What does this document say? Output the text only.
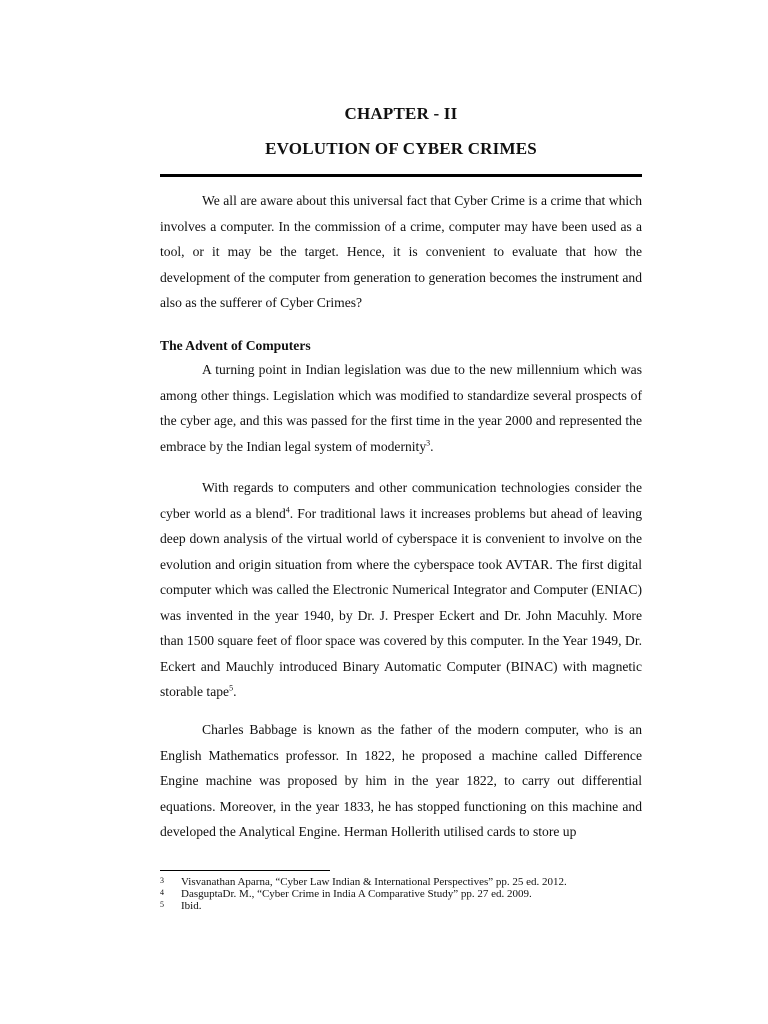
CHAPTER - II
EVOLUTION OF CYBER CRIMES

We all are aware about this universal fact that Cyber Crime is a crime that which involves a computer. In the commission of a crime, computer may have been used as a tool, or it may be the target. Hence, it is convenient to evaluate that how the development of the computer from generation to generation becomes the instrument and also as the sufferer of Cyber Crimes?

The Advent of Computers

A turning point in Indian legislation was due to the new millennium which was among other things. Legislation which was modified to standardize several prospects of the cyber age, and this was passed for the first time in the year 2000 and represented the embrace by the Indian legal system of modernity$^3$.

With regards to computers and other communication technologies consider the cyber world as a blend$^4$. For traditional laws it increases problems but ahead of leaving deep down analysis of the virtual world of cyberspace it is convenient to involve on the evolution and origin situation from where the cyberspace took AVTAR. The first digital computer which was called the Electronic Numerical Integrator and Computer (ENIAC) was invented in the year 1940, by Dr. J. Presper Eckert and Dr. John Macuhly. More than 1500 square feet of floor space was covered by this computer. In the Year 1949, Dr. Eckert and Mauchly introduced Binary Automatic Computer (BINAC) with magnetic storable tape$^5$.

Charles Babbage is known as the father of the modern computer, who is an English Mathematics professor. In 1822, he proposed a machine called Difference Engine machine was proposed by him in the year 1822, to carry out differential equations. Moreover, in the year 1833, he has stopped functioning on this machine and developed the Analytical Engine. Herman Hollerith utilised cards to store up

3	Visvanathan Aparna, “Cyber Law Indian & International Perspectives” pp. 25 ed. 2012.
4	DasguptaDr. M., “Cyber Crime in India A Comparative Study” pp. 27 ed. 2009.
5	Ibid.
